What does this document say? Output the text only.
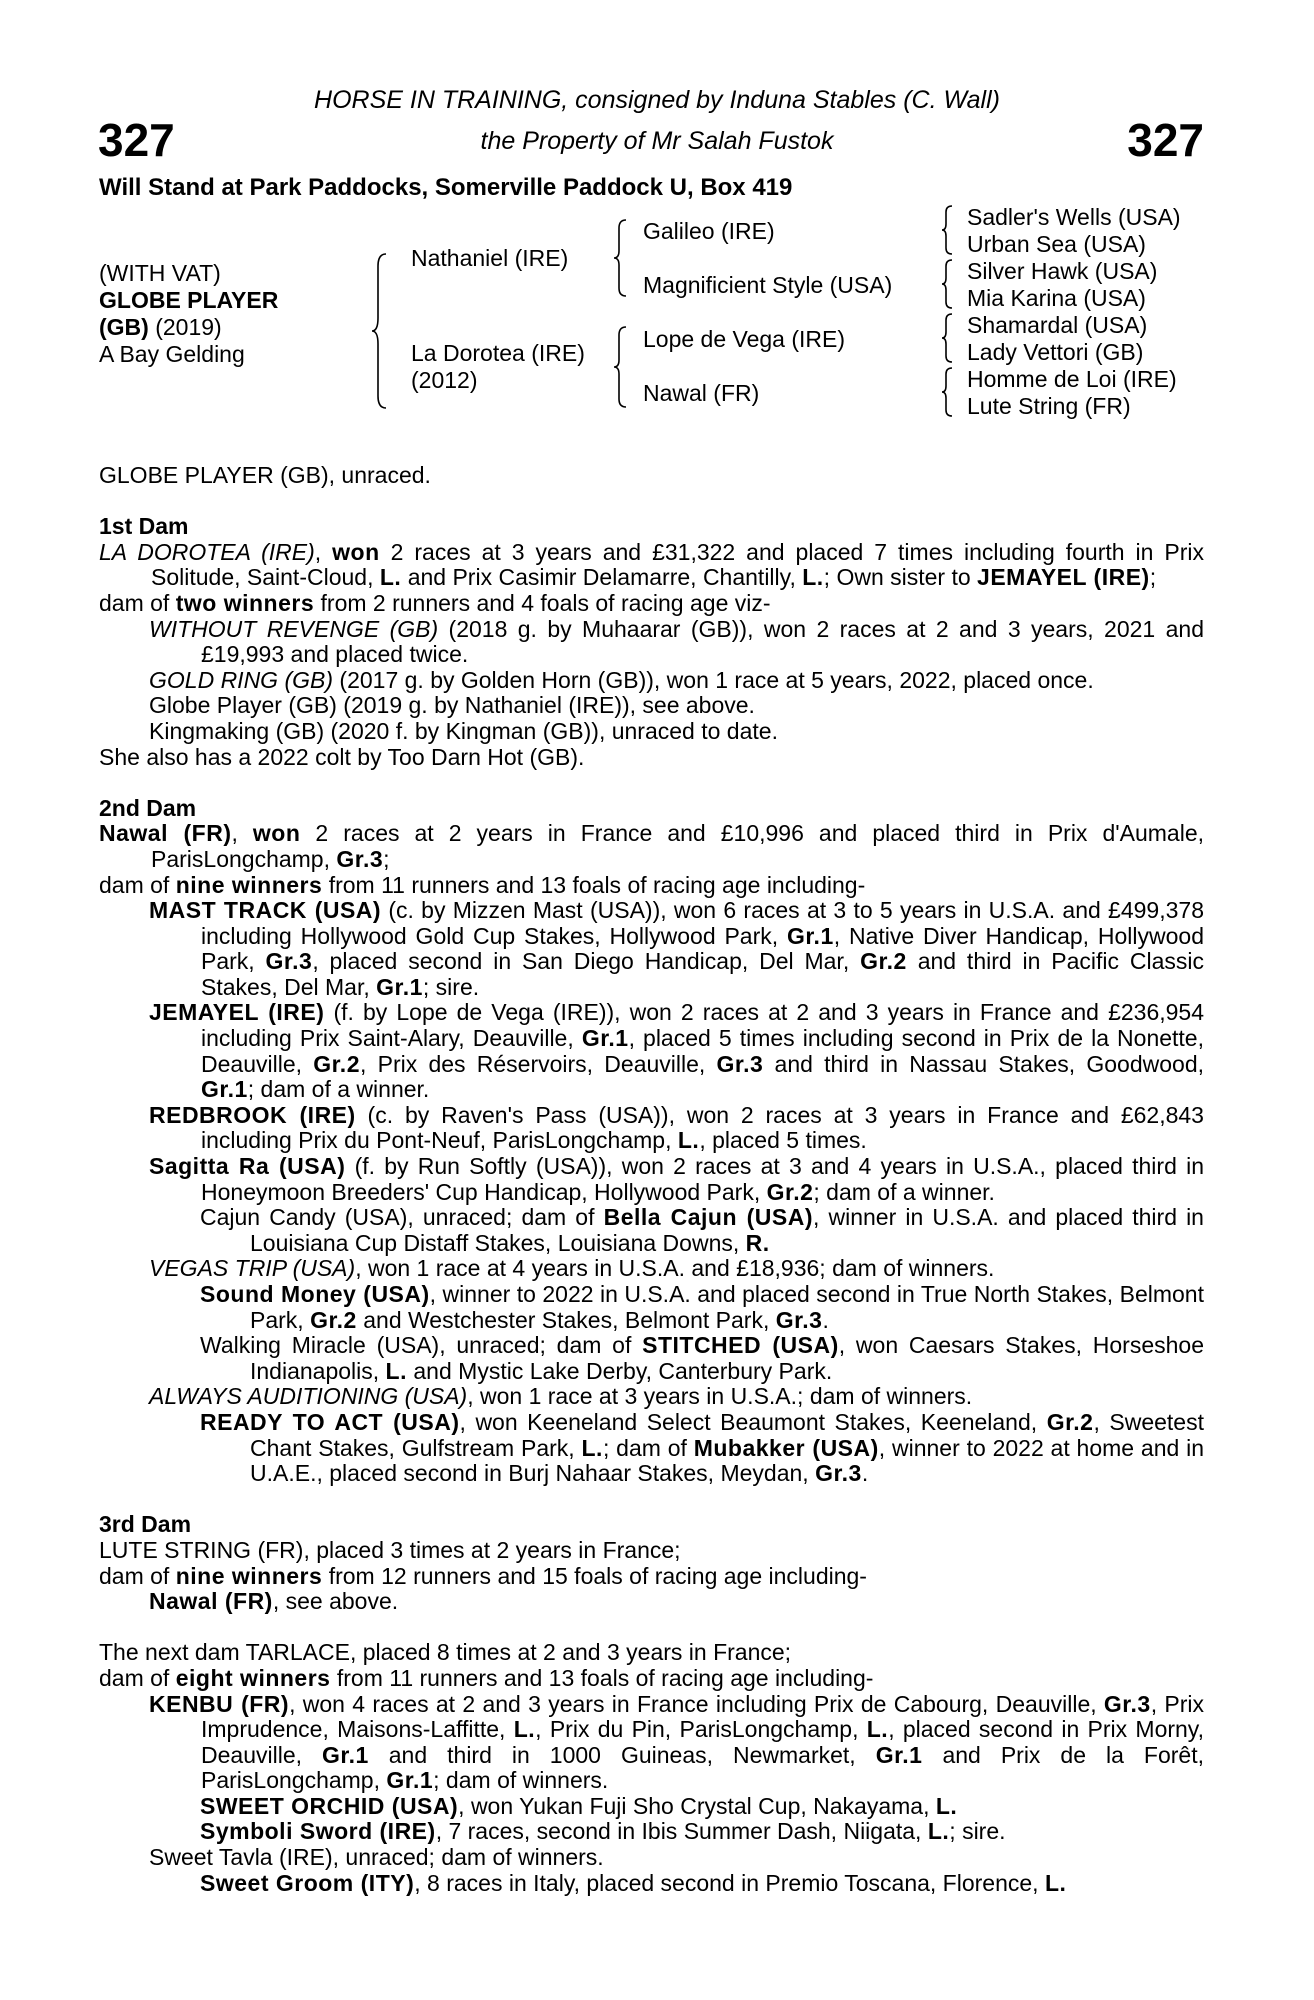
327	327
HORSE IN TRAINING, consigned by Induna Stables (C. Wall)
the Property of Mr Salah Fustok
Will Stand at Park Paddocks, Somerville Paddock U, Box 419
(WITH VAT)
GLOBE PLAYER
(GB) (2019)
A Bay Gelding
Nathaniel (IRE)
La Dorotea (IRE)
(2012)
Galileo (IRE)
Magnificient Style (USA)
Lope de Vega (IRE)
Nawal (FR)
Sadler's Wells (USA)
Urban Sea (USA)
Silver Hawk (USA)
Mia Karina (USA)
Shamardal (USA)
Lady Vettori (GB)
Homme de Loi (IRE)
Lute String (FR)

GLOBE PLAYER (GB), unraced.

1st Dam

LA DOROTEA (IRE), won 2 races at 3 years and £31,322 and placed 7 times including fourth in Prix Solitude, Saint-Cloud, L. and Prix Casimir Delamarre, Chantilly, L.; Own sister to JEMAYEL (IRE);

dam of two winners from 2 runners and 4 foals of racing age viz-

WITHOUT REVENGE (GB) (2018 g. by Muhaarar (GB)), won 2 races at 2 and 3 years, 2021 and £19,993 and placed twice.

GOLD RING (GB) (2017 g. by Golden Horn (GB)), won 1 race at 5 years, 2022, placed once.

Globe Player (GB) (2019 g. by Nathaniel (IRE)), see above.

Kingmaking (GB) (2020 f. by Kingman (GB)), unraced to date.

She also has a 2022 colt by Too Darn Hot (GB).

2nd Dam

Nawal (FR), won 2 races at 2 years in France and £10,996 and placed third in Prix d'Aumale, ParisLongchamp, Gr.3;

dam of nine winners from 11 runners and 13 foals of racing age including-

MAST TRACK (USA) (c. by Mizzen Mast (USA)), won 6 races at 3 to 5 years in U.S.A. and £499,378 including Hollywood Gold Cup Stakes, Hollywood Park, Gr.1, Native Diver Handicap, Hollywood Park, Gr.3, placed second in San Diego Handicap, Del Mar, Gr.2 and third in Pacific Classic Stakes, Del Mar, Gr.1; sire.

JEMAYEL (IRE) (f. by Lope de Vega (IRE)), won 2 races at 2 and 3 years in France and £236,954 including Prix Saint-Alary, Deauville, Gr.1, placed 5 times including second in Prix de la Nonette, Deauville, Gr.2, Prix des Réservoirs, Deauville, Gr.3 and third in Nassau Stakes, Goodwood, Gr.1; dam of a winner.

REDBROOK (IRE) (c. by Raven's Pass (USA)), won 2 races at 3 years in France and £62,843 including Prix du Pont-Neuf, ParisLongchamp, L., placed 5 times.

Sagitta Ra (USA) (f. by Run Softly (USA)), won 2 races at 3 and 4 years in U.S.A., placed third in Honeymoon Breeders' Cup Handicap, Hollywood Park, Gr.2; dam of a winner.

Cajun Candy (USA), unraced; dam of Bella Cajun (USA), winner in U.S.A. and placed third in Louisiana Cup Distaff Stakes, Louisiana Downs, R.

VEGAS TRIP (USA), won 1 race at 4 years in U.S.A. and £18,936; dam of winners.

Sound Money (USA), winner to 2022 in U.S.A. and placed second in True North Stakes, Belmont Park, Gr.2 and Westchester Stakes, Belmont Park, Gr.3.

Walking Miracle (USA), unraced; dam of STITCHED (USA), won Caesars Stakes, Horseshoe Indianapolis, L. and Mystic Lake Derby, Canterbury Park.

ALWAYS AUDITIONING (USA), won 1 race at 3 years in U.S.A.; dam of winners.

READY TO ACT (USA), won Keeneland Select Beaumont Stakes, Keeneland, Gr.2, Sweetest Chant Stakes, Gulfstream Park, L.; dam of Mubakker (USA), winner to 2022 at home and in U.A.E., placed second in Burj Nahaar Stakes, Meydan, Gr.3.

3rd Dam

LUTE STRING (FR), placed 3 times at 2 years in France;

dam of nine winners from 12 runners and 15 foals of racing age including-

Nawal (FR), see above.

The next dam TARLACE, placed 8 times at 2 and 3 years in France;

dam of eight winners from 11 runners and 13 foals of racing age including-

KENBU (FR), won 4 races at 2 and 3 years in France including Prix de Cabourg, Deauville, Gr.3, Prix Imprudence, Maisons-Laffitte, L., Prix du Pin, ParisLongchamp, L., placed second in Prix Morny, Deauville, Gr.1 and third in 1000 Guineas, Newmarket, Gr.1 and Prix de la Forêt, ParisLongchamp, Gr.1; dam of winners.

SWEET ORCHID (USA), won Yukan Fuji Sho Crystal Cup, Nakayama, L.

Symboli Sword (IRE), 7 races, second in Ibis Summer Dash, Niigata, L.; sire.

Sweet Tavla (IRE), unraced; dam of winners.

Sweet Groom (ITY), 8 races in Italy, placed second in Premio Toscana, Florence, L.
